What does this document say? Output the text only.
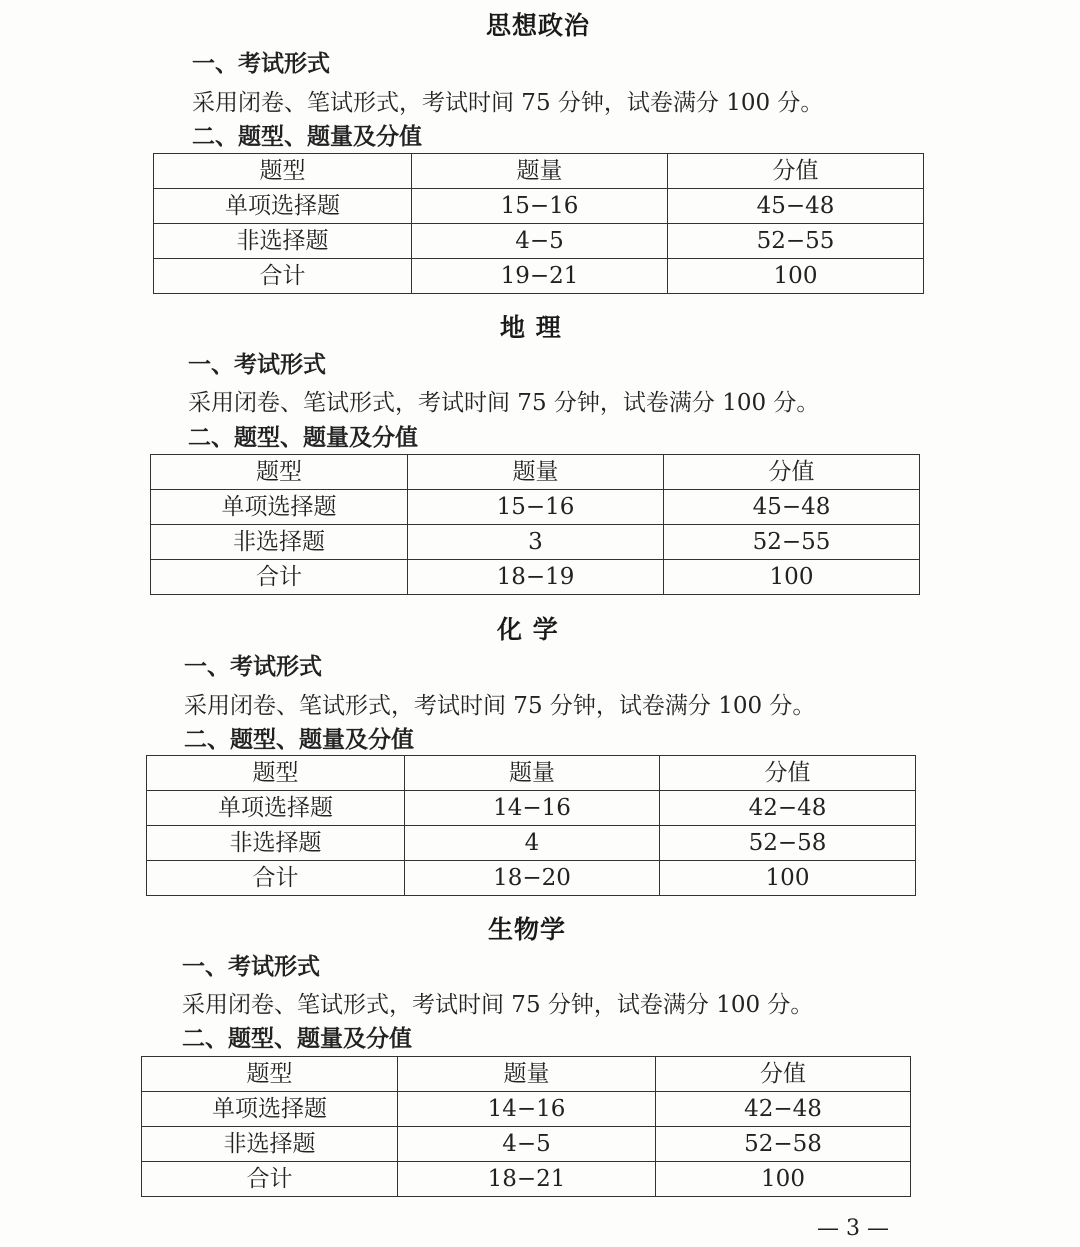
思想政治
一、考试形式
采用闭卷、笔试形式，考试时间 75 分钟，试卷满分 100 分。
二、题型、题量及分值
题型	题量	分值
单项选择题	15−16	45−48
非选择题	4−5	52−55
合计	19−21	100
地 理
一、考试形式
采用闭卷、笔试形式，考试时间 75 分钟，试卷满分 100 分。
二、题型、题量及分值
题型	题量	分值
单项选择题	15−16	45−48
非选择题	3	52−55
合计	18−19	100
化 学
一、考试形式
采用闭卷、笔试形式，考试时间 75 分钟，试卷满分 100 分。
二、题型、题量及分值
题型	题量	分值
单项选择题	14−16	42−48
非选择题	4	52−58
合计	18−20	100
生物学
一、考试形式
采用闭卷、笔试形式，考试时间 75 分钟，试卷满分 100 分。
二、题型、题量及分值
题型	题量	分值
单项选择题	14−16	42−48
非选择题	4−5	52−58
合计	18−21	100
— 3 —
